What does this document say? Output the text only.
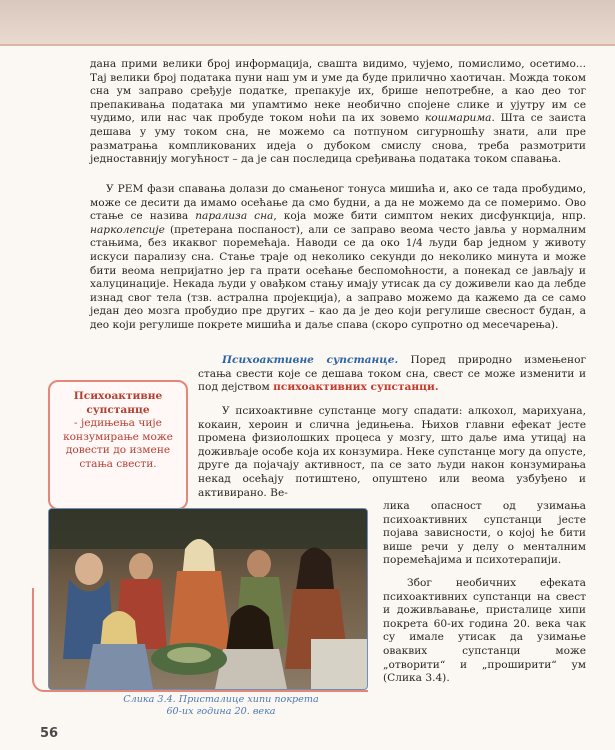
дана прими велики број информација, свашта видимо, чујемо, помислимо, осетимо... Тај велики број података пуни наш ум и уме да буде прилично хаотичан. Можда током сна ум заправо сређује податке, препакује их, брише непотребне, а као део тог препакивања података ми упамтимо неке необично спојене слике и ујутру им се чудимо, или нас чак пробуде током ноћи па их зовемо кошмарима. Шта се заиста дешава у уму током сна, не можемо са потпуном сигурношћу знати, али пре разматрања компликованих идеја о дубоком смислу снова, треба размотрити једноставнију могућност – да је сан последица сређивања података током спавања.

У РЕМ фази спавања долази до смањеног тонуса мишића и, ако се тада пробудимо, може се десити да имамо осећање да смо будни, а да не можемо да се померимо. Ово стање се назива парализа сна, која може бити симптом неких дисфункција, нпр. нарколепсије (претерана поспаност), али се заправо веома често јавља у нормалним стањима, без икаквог поремећаја. Наводи се да око 1/4 људи бар једном у животу искуси парализу сна. Стање траје од неколико секунди до неколико минута и може бити веома непријатно јер га прати осећање беспомоћности, а понекад се јављају и халуцинације. Некада људи у овађком стању имају утисак да су доживели као да лебде изнад свог тела (тзв. астрална пројекција), а заправо можемо да кажемо да се само један део мозга пробудио пре других – као да је део који регулише свесност будан, а део који регулише покрете мишића и даље спава (скоро супротно од месечарења).

Психоактивне супстанце. Поред природно измењеног стања свести које се дешава током сна, свест се може изменити и под дејством психоактивних супстанци.

У психоактивне супстанце могу спадати: алкохол, марихуана, кокаин, хероин и слична једињења. Њихов главни ефекат јесте промена физиолошких процеса у мозгу, што даље има утицај на доживљаје особе која их конзумира. Неке супстанце могу да опусте, друге да појачају активност, па се зато људи након конзумирања некад осећају потиштено, опуштено или веома узбуђено и активирано. Ве-

Психоактивне супстанце
- једињења чије конзумирање може довести до измене стања свести.

лика опасност од узимања психоактивних супстанци јесте појава зависности, о којој ће бити више речи у делу о менталним поремећајима и психотерапији.

Због необичних ефеката психоактивних супстанци на свест и доживљавање, присталице хипи покрета 60-их година 20. века чак су имале утисак да узимање оваквих супстанци може „отворити“ и „проширити“ ум (Слика 3.4).

Слика 3.4. Присталице хипи покрета
60-их година 20. века
56
